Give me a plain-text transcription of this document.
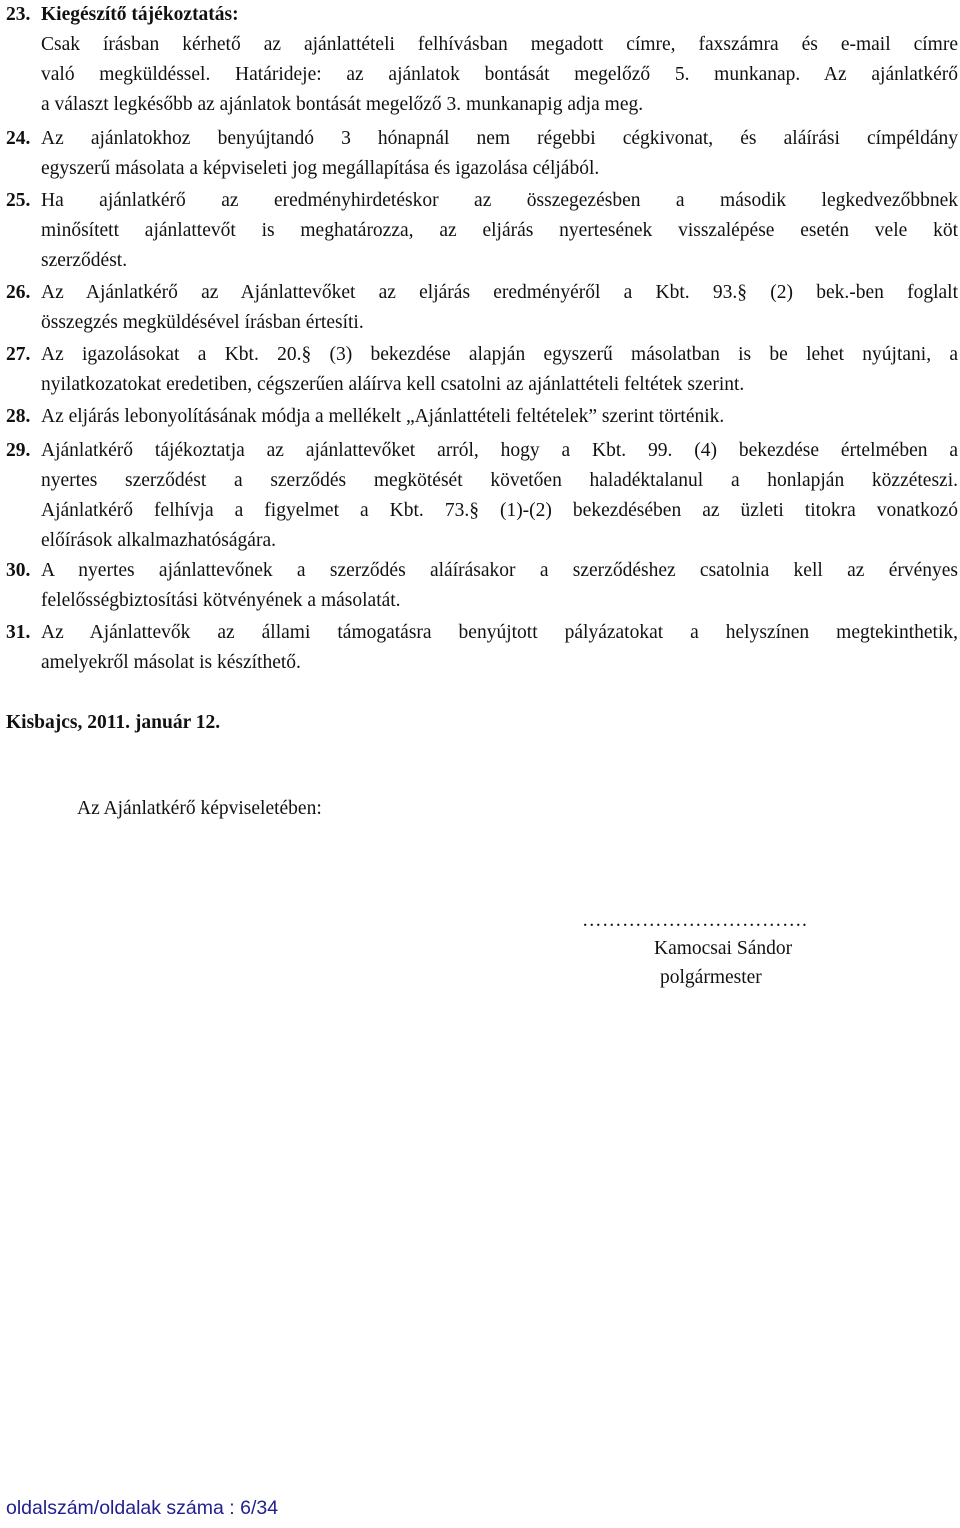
23. Kiegészítő tájékoztatás:
Csak írásban kérhető az ajánlattételi felhívásban megadott címre, faxszámra és e-mail címre
való megküldéssel. Határideje: az ajánlatok bontását megelőző 5. munkanap. Az ajánlatkérő
a választ legkésőbb az ajánlatok bontását megelőző 3. munkanapig adja meg.
24. Az ajánlatokhoz benyújtandó 3 hónapnál nem régebbi cégkivonat, és aláírási címpéldány
egyszerű másolata a képviseleti jog megállapítása és igazolása céljából.
25. Ha ajánlatkérő az eredményhirdetéskor az összegezésben a második legkedvezőbbnek
minősített ajánlattevőt is meghatározza, az eljárás nyertesének visszalépése esetén vele köt
szerződést.
26. Az Ajánlatkérő az Ajánlattevőket az eljárás eredményéről a Kbt. 93.§ (2) bek.-ben foglalt
összegzés megküldésével írásban értesíti.
27. Az igazolásokat a Kbt. 20.§ (3) bekezdése alapján egyszerű másolatban is be lehet nyújtani, a
nyilatkozatokat eredetiben, cégszerűen aláírva kell csatolni az ajánlattételi feltétek szerint.
28. Az eljárás lebonyolításának módja a mellékelt „Ajánlattételi feltételek” szerint történik.
29. Ajánlatkérő tájékoztatja az ajánlattevőket arról, hogy a Kbt. 99. (4) bekezdése értelmében a
nyertes szerződést a szerződés megkötését követően haladéktalanul a honlapján közzéteszi.
Ajánlatkérő felhívja a figyelmet a Kbt. 73.§ (1)-(2) bekezdésében az üzleti titokra vonatkozó
előírások alkalmazhatóságára.
30. A nyertes ajánlattevőnek a szerződés aláírásakor a szerződéshez csatolnia kell az érvényes
felelősségbiztosítási kötvényének a másolatát.
31. Az Ajánlattevők az állami támogatásra benyújtott pályázatokat a helyszínen megtekinthetik,
amelyekről másolat is készíthető.
Kisbajcs, 2011. január 12.
Az Ajánlatkérő képviseletében:
…………………………….
Kamocsai Sándor
polgármester
oldalszám/oldalak száma : 6/34
